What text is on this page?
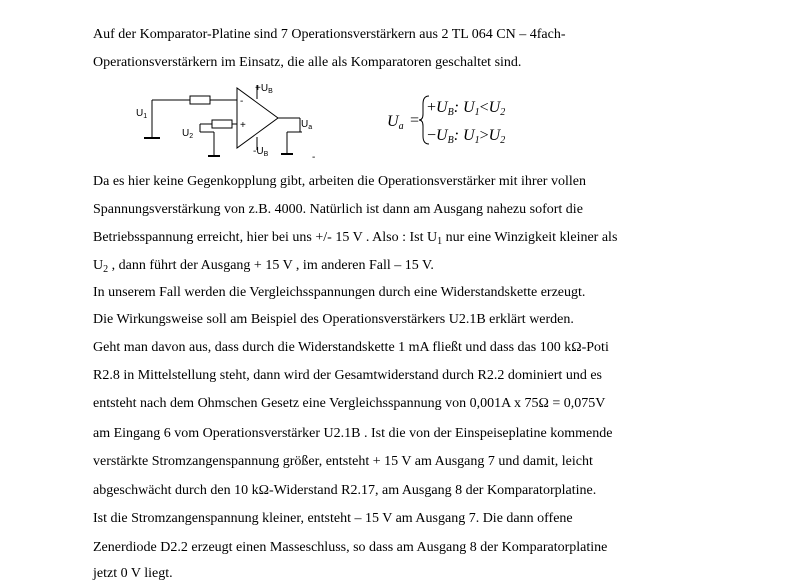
Auf der Komparator-Platine sind 7 Operationsverstärkern aus 2 TL 064 CN – 4fach-
Operationsverstärkern im Einsatz, die alle als Komparatoren geschaltet sind.
$+U_B$
$-U_B$
$U_1$
$U_2$
$U_a$
-
+
-
Ua =
+UB: U1<U2
−UB: U1>U2
Da es hier keine Gegenkopplung gibt, arbeiten die Operationsverstärker mit ihrer vollen
Spannungsverstärkung von z.B. 4000. Natürlich ist dann am Ausgang nahezu sofort die
Betriebsspannung erreicht, hier bei uns +/- 15 V . Also : Ist $U_1$ nur eine Winzigkeit kleiner als
$U_2$ , dann führt der Ausgang + 15 V , im anderen Fall – 15 V.
In unserem Fall werden die Vergleichsspannungen durch eine Widerstandskette erzeugt.
Die Wirkungsweise soll am Beispiel des Operationsverstärkers U2.1B erklärt werden.
Geht man davon aus, dass durch die Widerstandskette 1 mA fließt und dass das 100 kΩ-Poti
R2.8 in Mittelstellung steht, dann wird der Gesamtwiderstand durch R2.2 dominiert und es
entsteht nach dem Ohmschen Gesetz eine Vergleichsspannung von 0,001A x 75Ω = 0,075V
am Eingang 6 vom Operationsverstärker U2.1B . Ist die von der Einspeiseplatine kommende
verstärkte Stromzangenspannung größer, entsteht + 15 V am Ausgang 7 und damit, leicht
abgeschwächt durch den 10 kΩ-Widerstand R2.17, am Ausgang 8 der Komparatorplatine.
Ist die Stromzangenspannung kleiner, entsteht – 15 V am Ausgang 7. Die dann offene
Zenerdiode D2.2 erzeugt einen Masseschluss, so dass am Ausgang 8 der Komparatorplatine
jetzt 0 V liegt.
